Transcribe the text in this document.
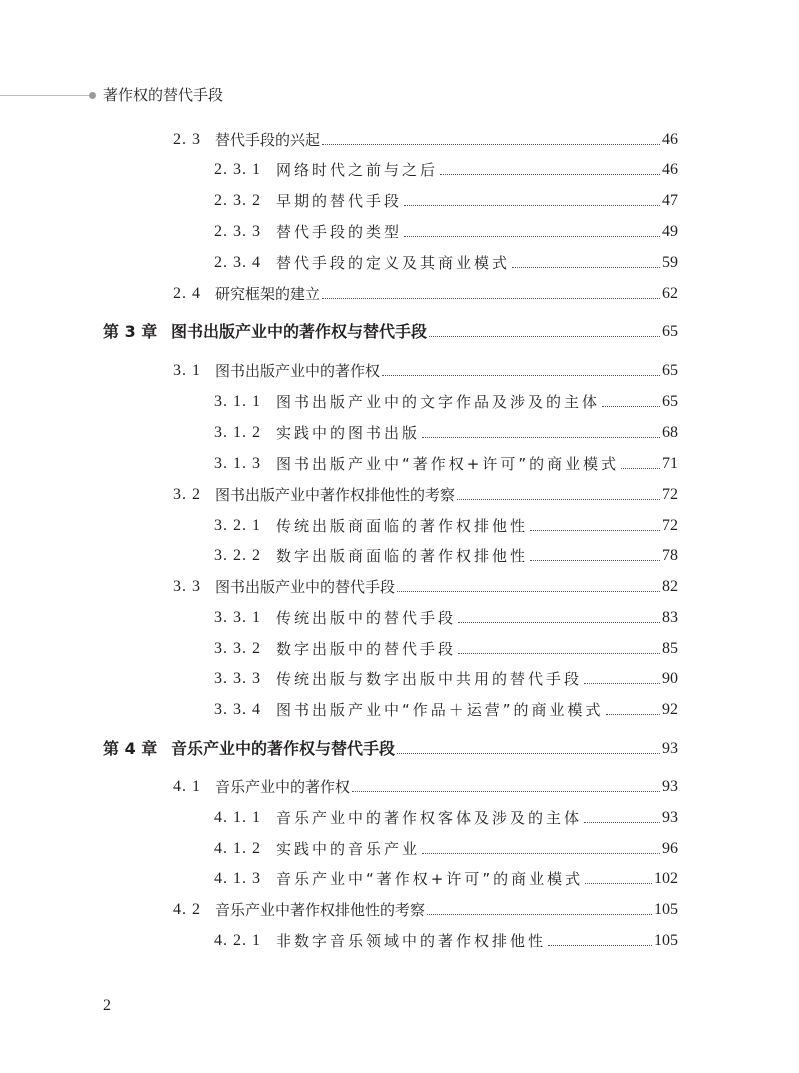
著作权的替代手段
2. 3 替代手段的兴起	46
2. 3. 1	网络时代之前与之后	46
2. 3. 2	早期的替代手段	47
2. 3. 3	替代手段的类型	49
2. 3. 4	替代手段的定义及其商业模式	59
2. 4 研究框架的建立	62
第 3 章 图书出版产业中的著作权与替代手段	65
3. 1 图书出版产业中的著作权	65
3. 1. 1	图书出版产业中的文字作品及涉及的主体	65
3. 1. 2	实践中的图书出版	68
3. 1. 3	图书出版产业中“著作权+许可”的商业模式	71
3. 2 图书出版产业中著作权排他性的考察	72
3. 2. 1	传统出版商面临的著作权排他性	72
3. 2. 2	数字出版商面临的著作权排他性	78
3. 3 图书出版产业中的替代手段	82
3. 3. 1	传统出版中的替代手段	83
3. 3. 2	数字出版中的替代手段	85
3. 3. 3	传统出版与数字出版中共用的替代手段	90
3. 3. 4	图书出版产业中“作品＋运营”的商业模式	92
第 4 章 音乐产业中的著作权与替代手段	93
4. 1 音乐产业中的著作权	93
4. 1. 1	音乐产业中的著作权客体及涉及的主体	93
4. 1. 2	实践中的音乐产业	96
4. 1. 3	音乐产业中“著作权+许可”的商业模式	102
4. 2 音乐产业中著作权排他性的考察	105
4. 2. 1	非数字音乐领域中的著作权排他性	105
2
